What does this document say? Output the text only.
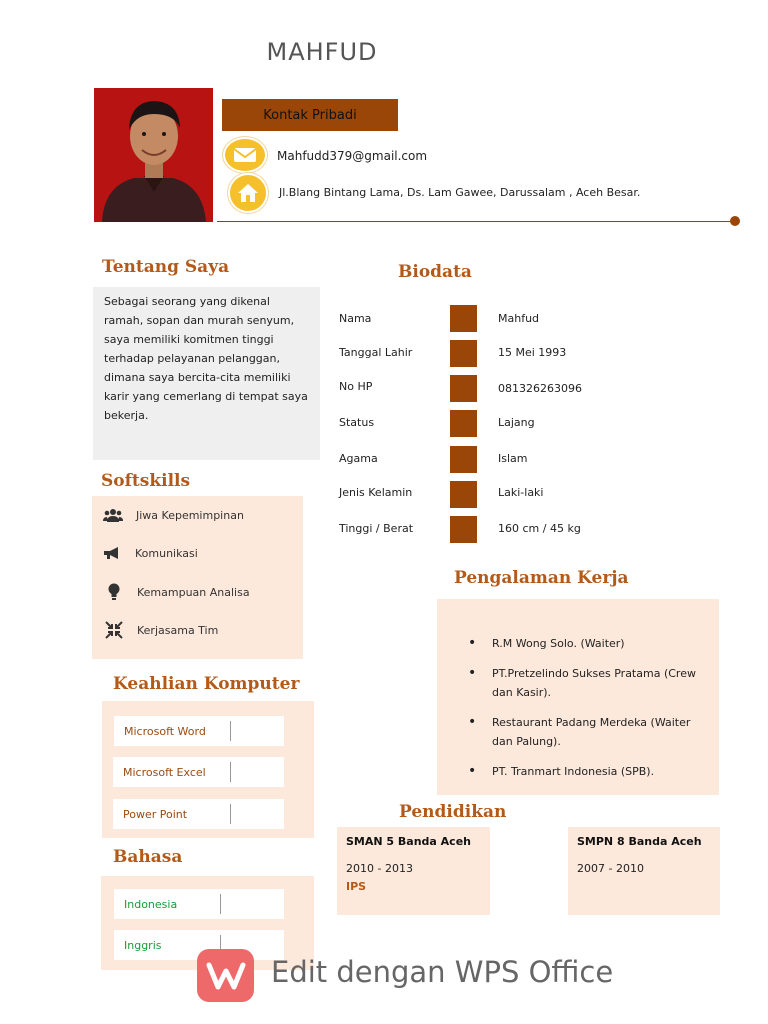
MAHFUD
Kontak Pribadi
Mahfudd379@gmail.com
Jl.Blang Bintang Lama, Ds. Lam Gawee, Darussalam , Aceh Besar.
Tentang Saya
Sebagai seorang yang dikenal ramah, sopan dan murah senyum, saya memiliki komitmen tinggi terhadap pelayanan pelanggan, dimana saya bercita-cita memiliki karir yang cemerlang di tempat saya bekerja.
Softskills
Jiwa Kepemimpinan
Komunikasi
Kemampuan Analisa
Kerjasama Tim
Keahlian Komputer
Microsoft Word
Microsoft Excel
Power Point
Bahasa
Indonesia
Inggris
Biodata
Nama	Mahfud
Tanggal Lahir	15 Mei 1993
No HP	081326263096
Status	Lajang
Agama	Islam
Jenis Kelamin	Laki-laki
Tinggi / Berat	160 cm / 45 kg
Pengalaman Kerja
• R.M Wong Solo. (Waiter)
• PT.Pretzelindo Sukses Pratama (Crew dan Kasir).
• Restaurant Padang Merdeka (Waiter dan Palung).
• PT. Tranmart Indonesia (SPB).
Pendidikan
SMAN 5 Banda Aceh
2010 - 2013
IPS
SMPN 8 Banda Aceh
2007 - 2010
Edit dengan WPS Office
